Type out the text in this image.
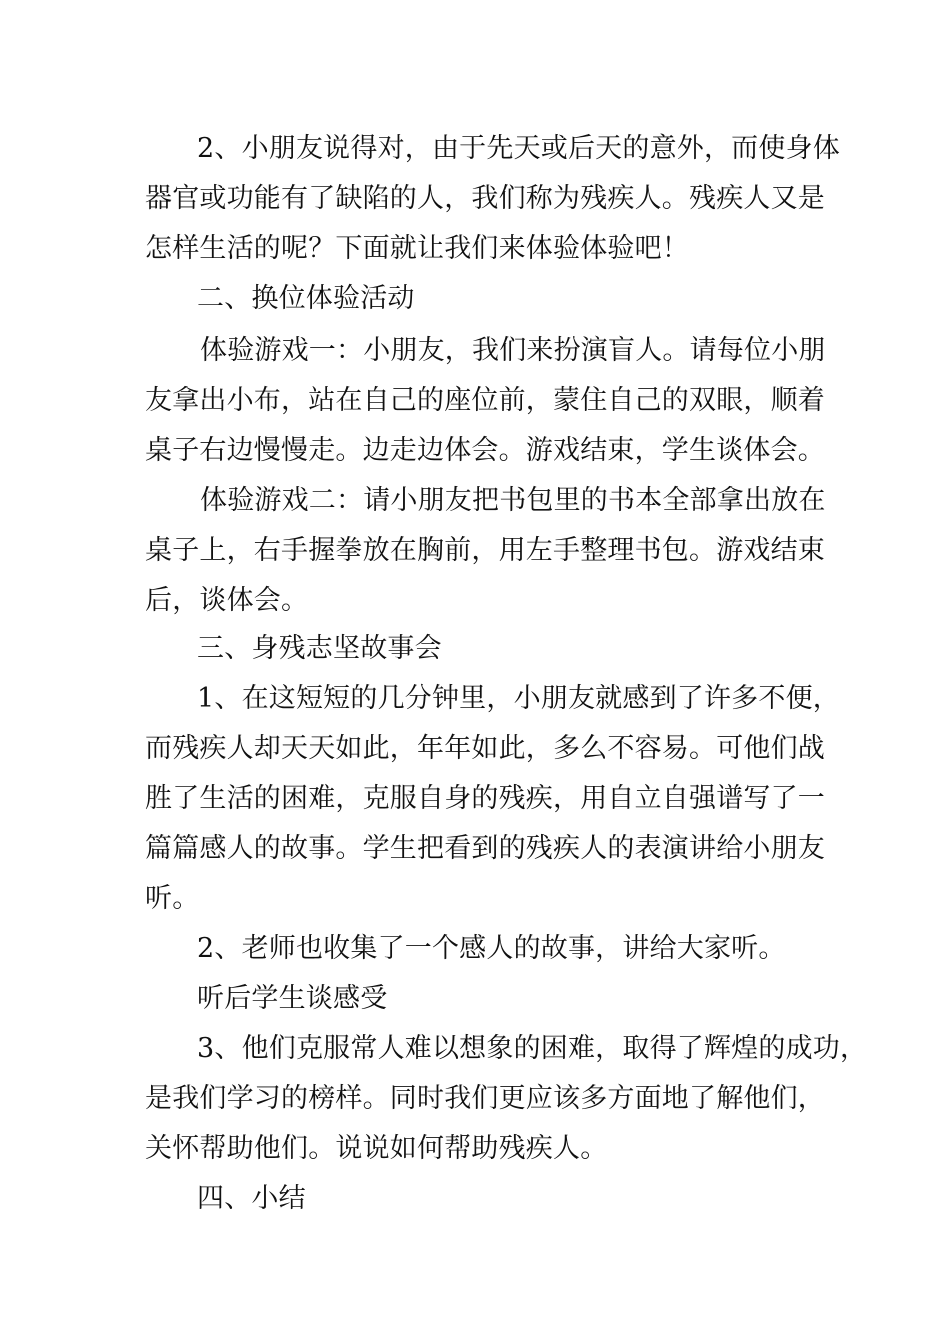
2、小朋友说得对，由于先天或后天的意外，而使身体
器官或功能有了缺陷的人，我们称为残疾人。残疾人又是
怎样生活的呢？下面就让我们来体验体验吧！
二、换位体验活动
体验游戏一：小朋友，我们来扮演盲人。请每位小朋
友拿出小布，站在自己的座位前，蒙住自己的双眼，顺着
桌子右边慢慢走。边走边体会。游戏结束，学生谈体会。
体验游戏二：请小朋友把书包里的书本全部拿出放在
桌子上，右手握拳放在胸前，用左手整理书包。游戏结束
后，谈体会。
三、身残志坚故事会
1、在这短短的几分钟里，小朋友就感到了许多不便，
而残疾人却天天如此，年年如此，多么不容易。可他们战
胜了生活的困难，克服自身的残疾，用自立自强谱写了一
篇篇感人的故事。学生把看到的残疾人的表演讲给小朋友
听。
2、老师也收集了一个感人的故事，讲给大家听。
听后学生谈感受
3、他们克服常人难以想象的困难，取得了辉煌的成功，
是我们学习的榜样。同时我们更应该多方面地了解他们，
关怀帮助他们。说说如何帮助残疾人。
四、小结
